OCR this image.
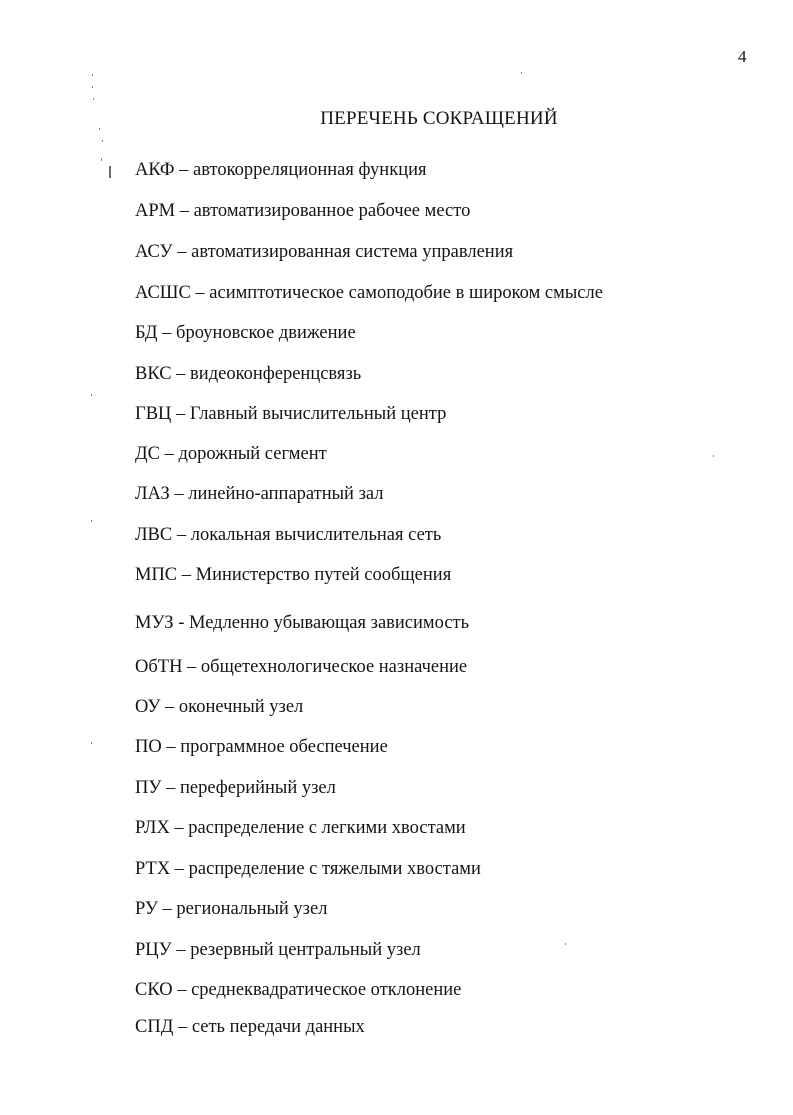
4
ПЕРЕЧЕНЬ СОКРАЩЕНИЙ
АКФ – автокорреляционная функция
АРМ – автоматизированное рабочее место
АСУ – автоматизированная система управления
АСШС – асимптотическое самоподобие в широком смысле
БД – броуновское движение
ВКС – видеоконференцсвязь
ГВЦ – Главный вычислительный центр
ДС – дорожный сегмент
ЛАЗ – линейно-аппаратный зал
ЛВС – локальная вычислительная сеть
МПС – Министерство путей сообщения
МУЗ - Медленно убывающая зависимость
ОбТН – общетехнологическое назначение
ОУ – оконечный узел
ПО – программное обеспечение
ПУ – переферийный узел
РЛХ – распределение с легкими хвостами
РТХ – распределение с тяжелыми хвостами
РУ – региональный узел
РЦУ – резервный центральный узел
СКО – среднеквадратическое отклонение
СПД – сеть передачи данных
